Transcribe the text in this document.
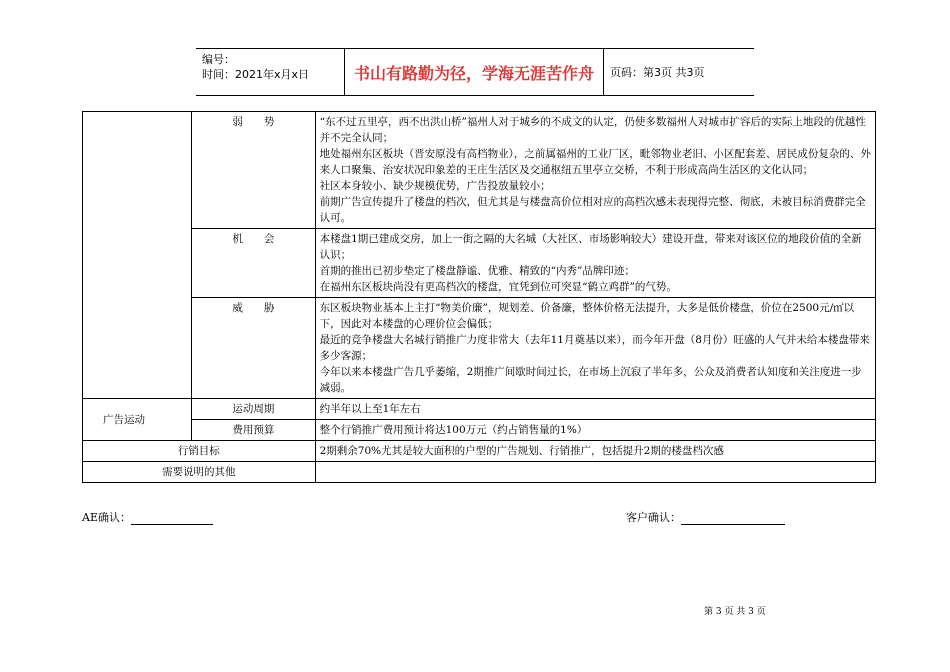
编号：
时间：2021年x月x日	书山有路勤为径，学海无涯苦作舟	页码：第3页 共3页
	弱　　势	“东不过五里亭，西不出洪山桥”福州人对于城乡的不成文的认定，仍使多数福州人对城市扩容后的实际上地段的优越性并不完全认同；

地处福州东区板块（晋安原没有高档物业），之前属福州的工业厂区，毗邻物业老旧、小区配套差、居民成份复杂的、外来人口聚集、治安状况印象差的王庄生活区及交通枢纽五里亭立交桥，不利于形成高尚生活区的文化认同；

社区本身较小、缺少规模优势，广告投放量较小；

前期广告宣传提升了楼盘的档次，但尤其是与楼盘高价位相对应的高档次感未表现得完整、彻底，未被目标消费群完全认可。

	机　　会	本楼盘1期已建成交房，加上一街之隔的大名城（大社区、市场影响较大）建设开盘，带来对该区位的地段价值的全新认识；

首期的推出已初步垫定了楼盘静谧、优雅、精致的“内秀”品牌印迹；

在福州东区板块尚没有更高档次的楼盘，宜凭到位可突显“鹤立鸡群”的气势。

	威　　胁	东区板块物业基本上主打“物美价廉”，规划差、价备廉，整体价格无法提升，大多是低价楼盘，价位在2500元/㎡以下，因此对本楼盘的心理价位会偏低；

最近的竞争楼盘大名城行销推广力度非常大（去年11月奠基以来），而今年开盘（8月份）旺盛的人气并未给本楼盘带来多少客源；

今年以来本楼盘广告几乎萎缩，2期推广间歇时间过长，在市场上沉寂了半年多，公众及消费者认知度和关注度进一步减弱。

广告运动	运动周期	约半年以上至1年左右
	费用预算	整个行销推广费用预计将达100万元（约占销售量的1%）
行销目标		2期剩余70%尤其是较大面积的户型的广告规划、行销推广，包括提升2期的楼盘档次感
需要说明的其他		
AE确认：	客户确认：
第 3 页 共 3 页
